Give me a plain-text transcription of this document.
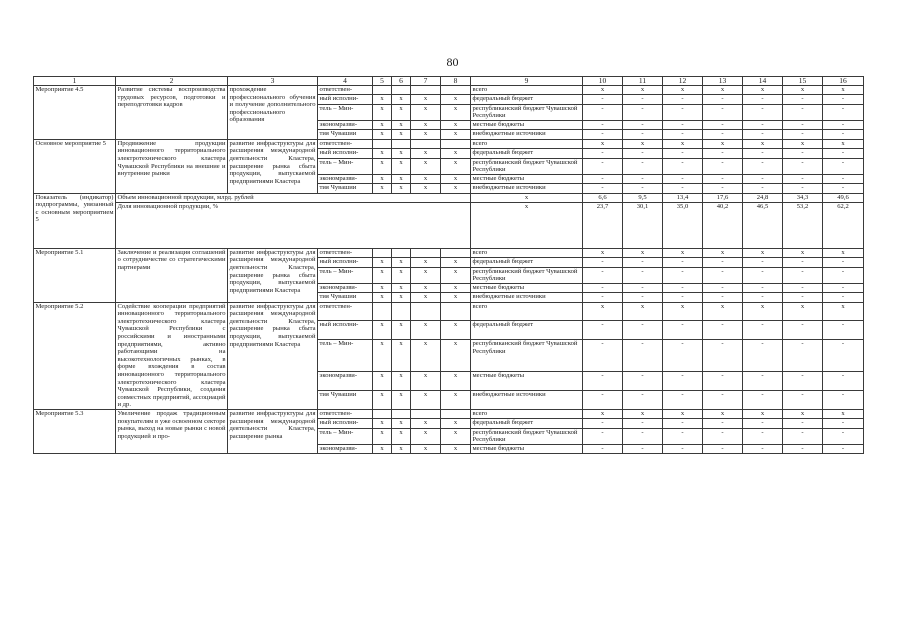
80
1	2	3	4	5	6	7	8	9	10	11	12	13	14	15	16
Мероприятие 4.5	Развитие системы воспроизводства трудовых ресурсов, подготовки и переподготовки кадров	прохождение профессионального обучения и получение дополнительного профессионального образования	ответствен-					всего	x	x	x	x	x	x	x
			ный исполни-	x	x	x	x	федеральный бюджет	-	-	-	-	-	-	-
			тель – Мин-	x	x	x	x	республиканский бюджет Чувашской Республики	-	-	-	-	-	-	-
			экономразви-	x	x	x	x	местные бюджеты	-	-	-	-	-	-	-
			тия Чувашии	x	x	x	x	внебюджетные источники	-	-	-	-	-	-	-
Основное мероприятие 5	Продвижение продукции инновационного территориального электротехнического кластера Чувашской Республики на внешние и внутренние рынки	развитие инфраструктуры для расширения международной деятельности Кластера, расширение рынка сбыта продукции, выпускаемой предприятиями Кластера	ответствен-					всего	x	x	x	x	x	x	x
			ный исполни-	x	x	x	x	федеральный бюджет	-	-	-	-	-	-	-
			тель – Мин-	x	x	x	x	республиканский бюджет Чувашской Республики	-	-	-	-	-	-	-
			экономразви-	x	x	x	x	местные бюджеты	-	-	-	-	-	-	-
			тия Чувашии	x	x	x	x	внебюджетные источники	-	-	-	-	-	-	-
Показатель (индикатор) подпрограммы, увязанный с основным мероприятием 5	Объем инновационной продукции, млрд. рублей							x	6,6	9,5	13,4	17,6	24,8	34,3	49,6
	Доля инновационной продукции, %							x	23,7	30,1	35,0	40,2	46,5	53,2	62,2
Мероприятие 5.1	Заключение и реализация соглашений о сотрудничестве со стратегическими партнерами	развитие инфраструктуры для расширения международной деятельности Кластера, расширение рынка сбыта продукции, выпускаемой предприятиями Кластера	ответствен-					всего	x	x	x	x	x	x	x
			ный исполни-	x	x	x	x	федеральный бюджет	-	-	-	-	-	-	-
			тель – Мин-	x	x	x	x	республиканский бюджет Чувашской Республики	-	-	-	-	-	-	-
			экономразви-	x	x	x	x	местные бюджеты	-	-	-	-	-	-	-
			тия Чувашии	x	x	x	x	внебюджетные источники	-	-	-	-	-	-	-
Мероприятие 5.2	Содействие кооперации предприятий инновационного территориального электротехнического кластера Чувашской Республики с российскими и иностранными предприятиями, активно работающими на высокотехнологичных рынках, в форме вхождения в состав инновационного территориального электротехнического кластера Чувашской Республики, создания совместных предприятий, ассоциаций и др.	развитие инфраструктуры для расширения международной деятельности Кластера, расширение рынка сбыта продукции, выпускаемой предприятиями Кластера	ответствен-					всего	x	x	x	x	x	x	x
			ный исполни-	x	x	x	x	федеральный бюджет	-	-	-	-	-	-	-
			тель – Мин-	x	x	x	x	республиканский бюджет Чувашской Республики	-	-	-	-	-	-	-
			экономразви-	x	x	x	x	местные бюджеты	-	-	-	-	-	-	-
			тия Чувашии	x	x	x	x	внебюджетные источники	-	-	-	-	-	-	-
Мероприятие 5.3	Увеличение продаж традиционным покупателям в уже освоенном секторе рынка, выход на новые рынки с новой продукцией и про-	развитие инфраструктуры для расширения международной деятельности Кластера, расширение рынка	ответствен-					всего	x	x	x	x	x	x	x
			ный исполни-	x	x	x	x	федеральный бюджет	-	-	-	-	-	-	-
			тель – Мин-	x	x	x	x	республиканский бюджет Чувашской Республики	-	-	-	-	-	-	-
			экономразви-	x	x	x	x	местные бюджеты	-	-	-	-	-	-	-
